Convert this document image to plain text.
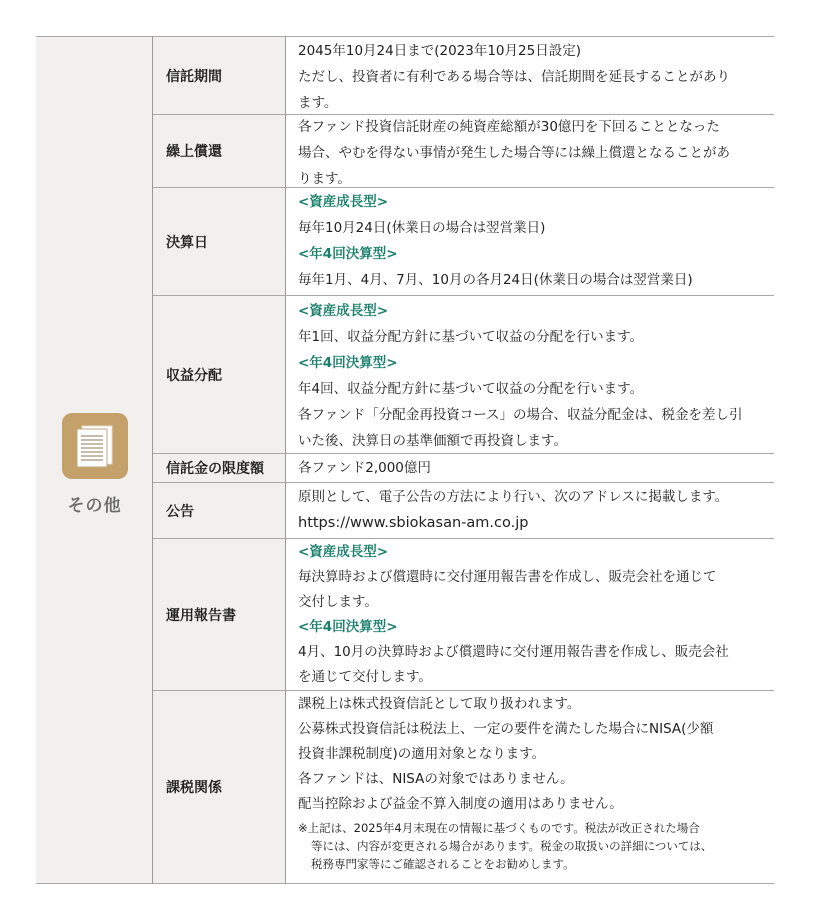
その他
信託期間

2045年10月24日まで(2023年10月25日設定)

ただし、投資者に有利である場合等は、信託期間を延長することがあり

ます。

繰上償還

各ファンド投資信託財産の純資産総額が30億円を下回ることとなった

場合、やむを得ない事情が発生した場合等には繰上償還となることがあ

ります。

決算日

<資産成長型>

毎年10月24日(休業日の場合は翌営業日)

<年4回決算型>

毎年1月、4月、7月、10月の各月24日(休業日の場合は翌営業日)

収益分配

<資産成長型>

年1回、収益分配方針に基づいて収益の分配を行います。

<年4回決算型>

年4回、収益分配方針に基づいて収益の分配を行います。

各ファンド「分配金再投資コース」の場合、収益分配金は、税金を差し引

いた後、決算日の基準価額で再投資します。

信託金の限度額	各ファンド2,000億円

公告

原則として、電子公告の方法により行い、次のアドレスに掲載します。

https://www.sbiokasan-am.co.jp

運用報告書

<資産成長型>

毎決算時および償還時に交付運用報告書を作成し、販売会社を通じて

交付します。

<年4回決算型>

4月、10月の決算時および償還時に交付運用報告書を作成し、販売会社

を通じて交付します。

課税関係

課税上は株式投資信託として取り扱われます。

公募株式投資信託は税法上、一定の要件を満たした場合にNISA(少額

投資非課税制度)の適用対象となります。

各ファンドは、NISAの対象ではありません。

配当控除および益金不算入制度の適用はありません。

※上記は、2025年4月末現在の情報に基づくものです。税法が改正された場合
等には、内容が変更される場合があります。税金の取扱いの詳細については、
税務専門家等にご確認されることをお勧めします。
